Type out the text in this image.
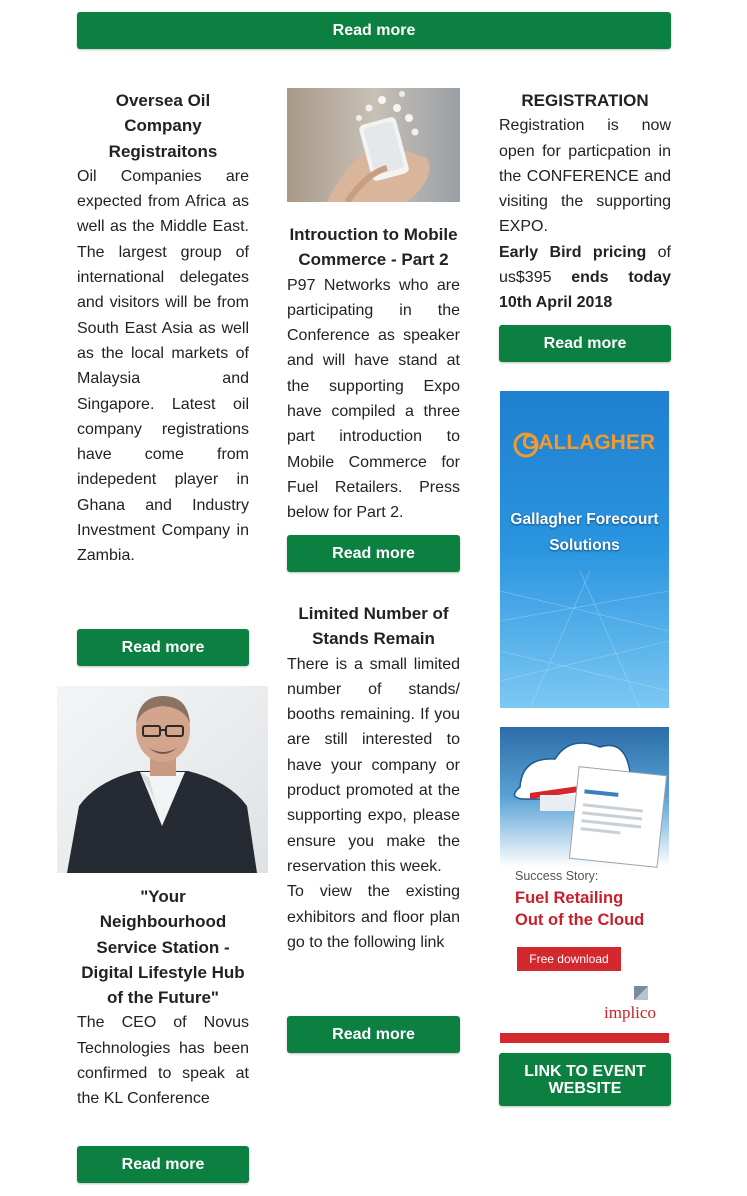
Read more
Oversea Oil Company Registraitons

Oil Companies are expected from Africa as well as the Middle East. The largest group of international delegates and visitors will be from South East Asia as well as the local markets of Malaysia and Singapore. Latest oil company registrations have come from indepedent player in Ghana and Industry Investment Company in Zambia.

Read more
"Your Neighbourhood Service Station - Digital Lifestyle Hub of the Future"

The CEO of Novus Technologies has been confirmed to speak at the KL Conference

Read more
Introuction to Mobile Commerce - Part 2

P97 Networks who are participating in the Conference as speaker and will have stand at the supporting Expo have compiled a three part introduction to Mobile Commerce for Fuel Retailers. Press below for Part 2.

Read more
Limited Number of Stands Remain

There is a small limited number of stands/ booths remaining. If you are still interested to have your company or product promoted at the supporting expo, please ensure you make the reservation this week.

To view the existing exhibitors and floor plan go to the following link

Read more
REGISTRATION

Registration is now open for particpation in the CONFERENCE and visiting the supporting EXPO.

Early Bird pricing of us$395 ends today 10th April 2018

Read more
GALLAGHER
Gallagher Forecourt
Solutions
Success Story:
Fuel Retailing
Out of the Cloud
Free download
implico
LINK TO EVENT WEBSITE
